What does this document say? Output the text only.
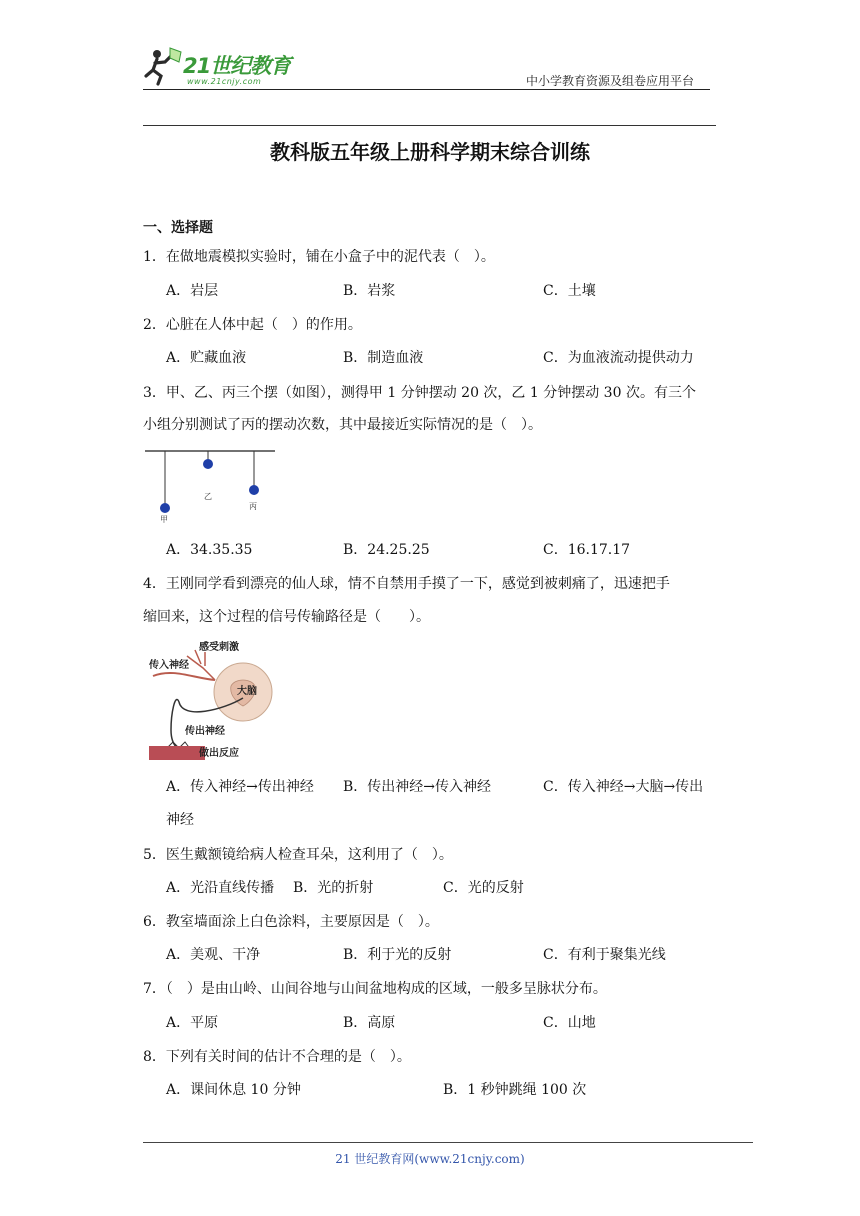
21世纪教育
www.21cnjy.com	中小学教育资源及组卷应用平台
教科版五年级上册科学期末综合训练
一、选择题
1．在做地震模拟实验时，铺在小盒子中的泥代表（　）。
A．岩层	B．岩浆	C．土壤
2．心脏在人体中起（　）的作用。
A．贮藏血液	B．制造血液	C．为血液流动提供动力
3．甲、乙、丙三个摆（如图），测得甲 1 分钟摆动 20 次，乙 1 分钟摆动 30 次。有三个
小组分别测试了丙的摆动次数，其中最接近实际情况的是（　）。
甲
乙
丙
A．34.35.35	B．24.25.25	C．16.17.17
4．王刚同学看到漂亮的仙人球，情不自禁用手摸了一下，感觉到被刺痛了，迅速把手
缩回来，这个过程的信号传输路径是（　　）。
感受刺激
传入神经
大脑
传出神经
做出反应
A．传入神经→传出神经 B．传出神经→传入神经	C．传入神经→大脑→传出
神经
5．医生戴额镜给病人检查耳朵，这利用了（　）。
A．光沿直线传播 B．光的折射	C．光的反射
6．教室墙面涂上白色涂料，主要原因是（　）。
A．美观、干净	B．利于光的反射	C．有利于聚集光线
7．（　）是由山岭、山间谷地与山间盆地构成的区域，一般多呈脉状分布。
A．平原	B．高原	C．山地
8．下列有关时间的估计不合理的是（　）。
A．课间休息 10 分钟	B．1 秒钟跳绳 100 次
21 世纪教育网(www.21cnjy.com)
